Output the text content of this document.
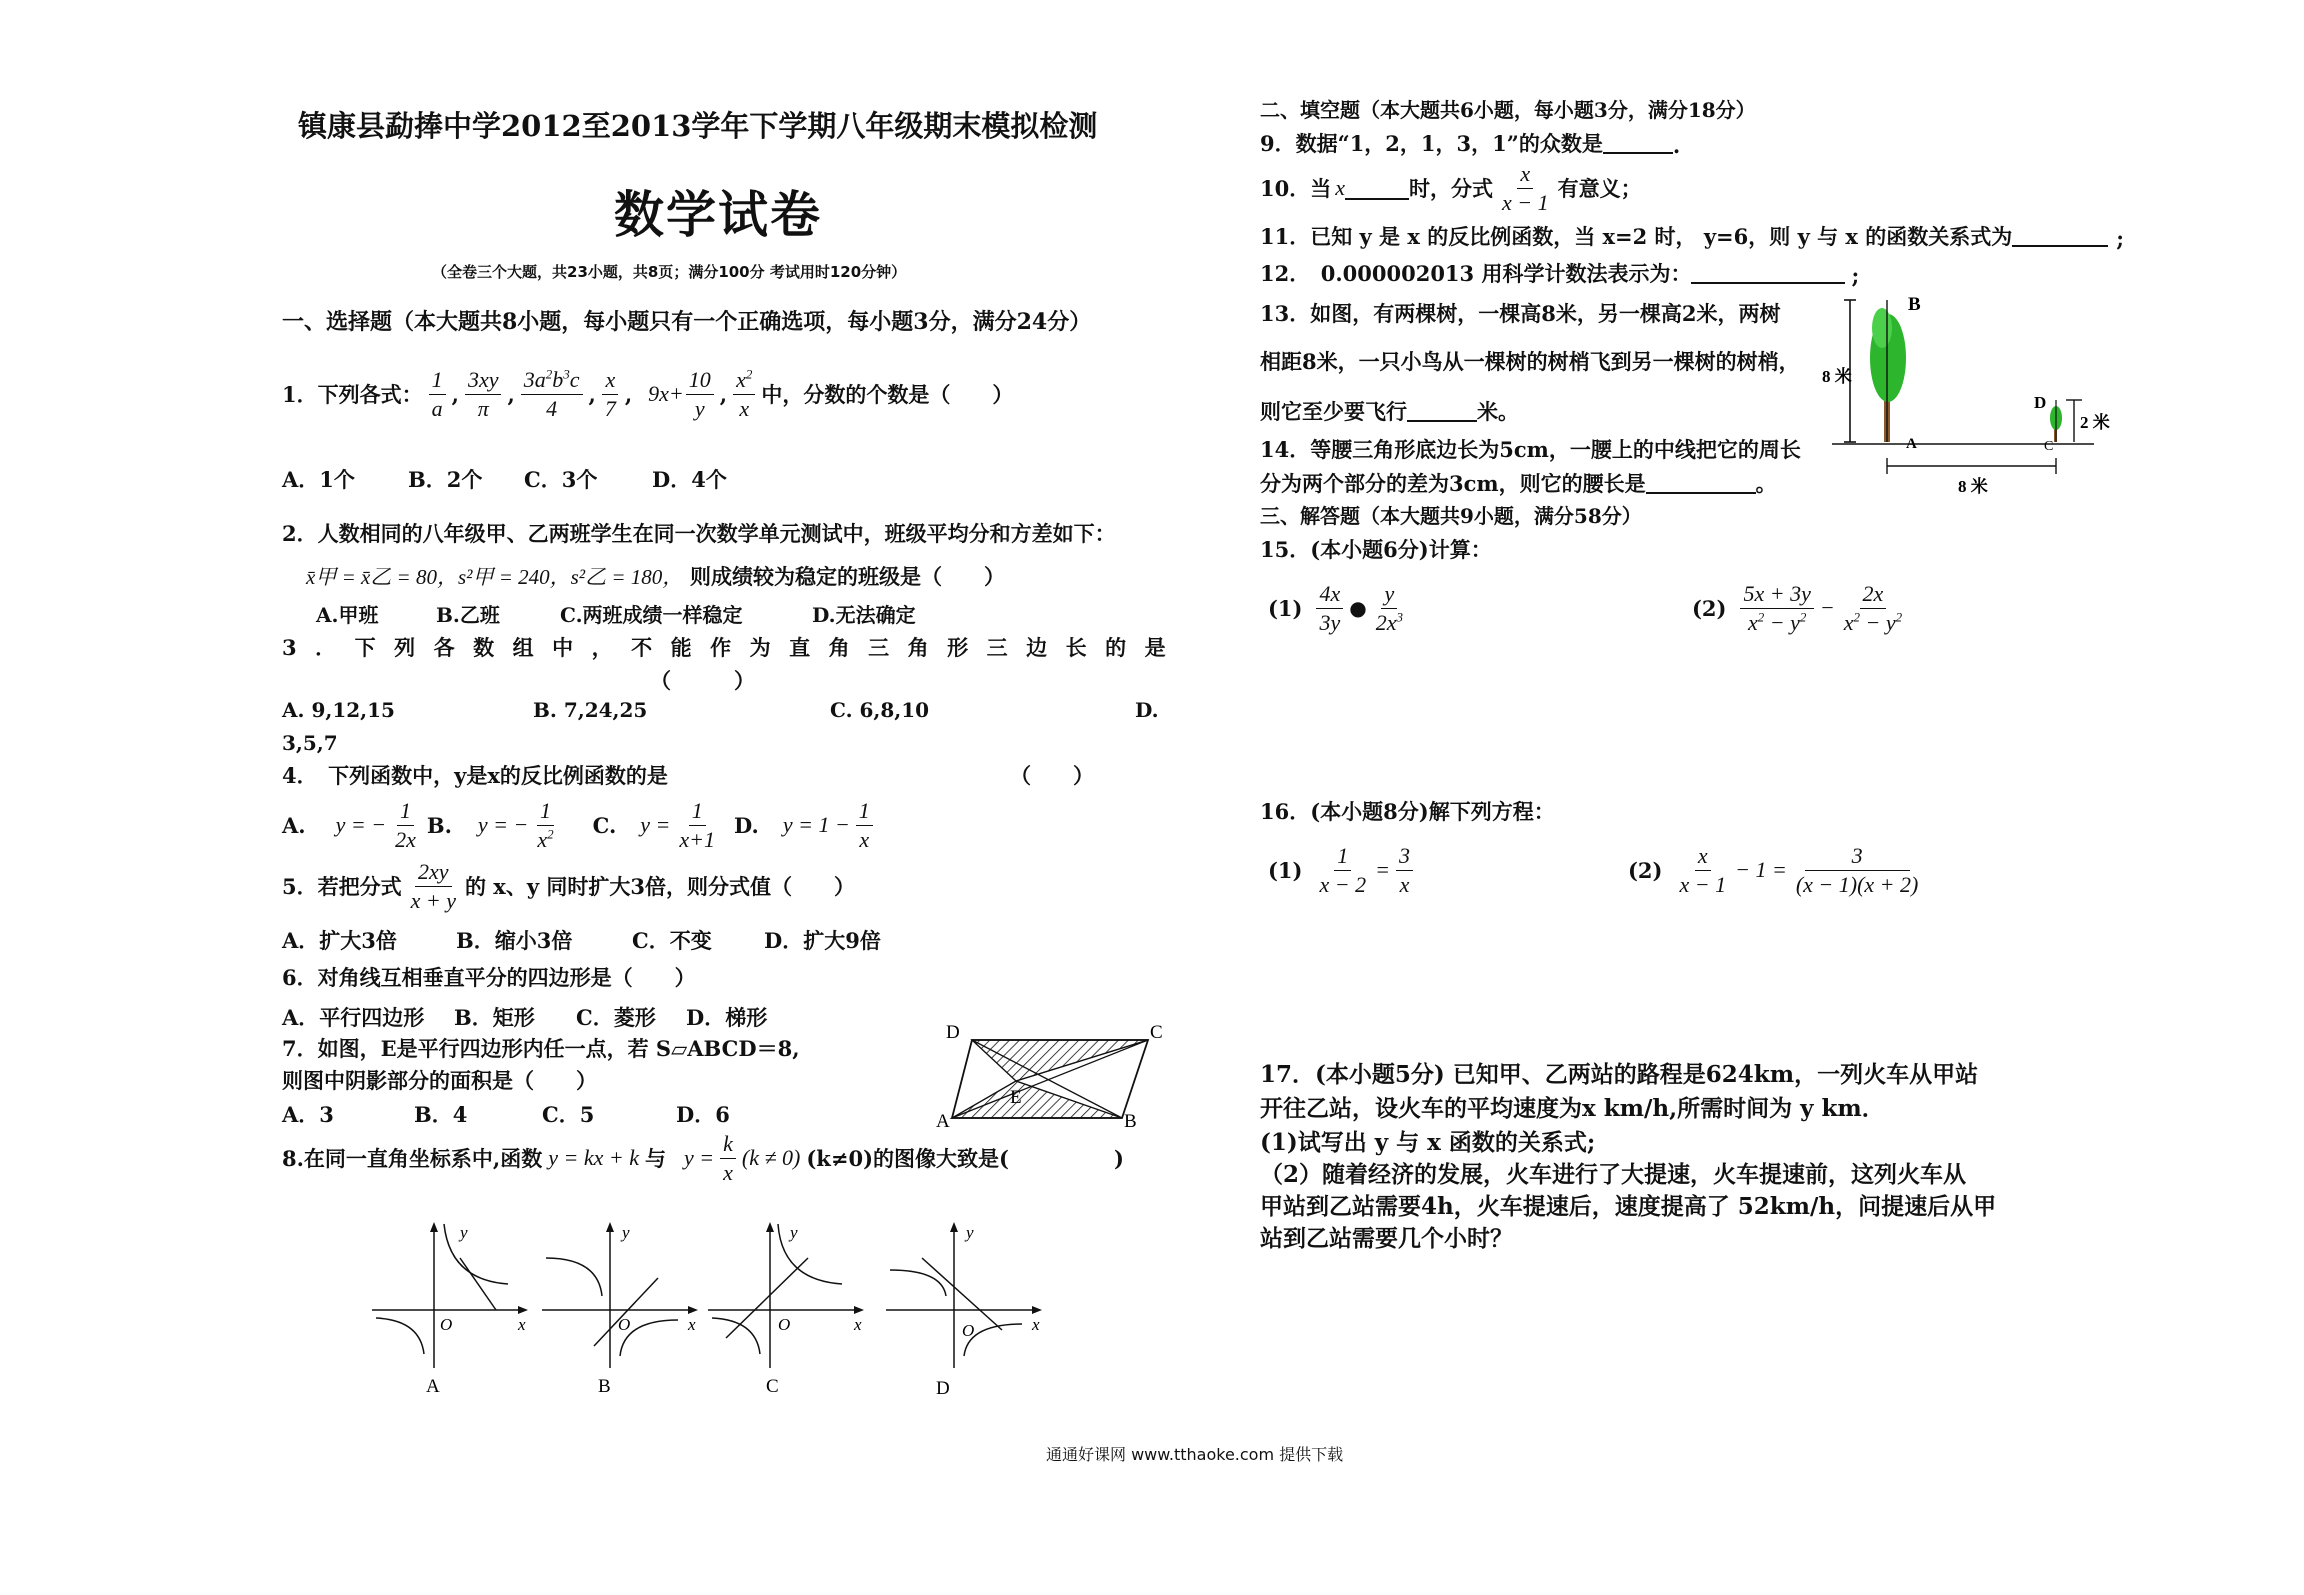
镇康县勐捧中学2012至2013学年下学期八年级期末模拟检测
数学试卷
（全卷三个大题，共23小题，共8页；满分100分 考试用时120分钟）
一、选择题（本大题共8小题，每小题只有一个正确选项，每小题3分，满分24分）
1．下列各式： $\frac{1}{a}$ , $\frac{3xy}{\pi}$ , $\frac{3a^2b^3c}{4}$ , $\frac{x}{7}$ , $9x+ \frac{10}{y}$ , $\frac{x^2}{x}$ 中，分数的个数是（　　）
A．1个	B．2个 C．3个	D．4个
2．人数相同的八年级甲、乙两班学生在同一次数学单元测试中，班级平均分和方差如下：
x̄甲 = x̄乙 = 80，s²甲 = 240，s²乙 = 180， 则成绩较为稳定的班级是（　　）
A.甲班	B.乙班	C.两班成绩一样稳定	D.无法确定
3．下列各数组中，不能作为直角三角形三边长的是
（　　　）
A. 9,12,15	B. 7,24,25	C. 6,8,10	D.
3,5,7
4．　下列函数中，y是x的反比例函数的是	（　　）
A. y = − $\frac{1}{2x} B$. y = − $\frac{1}{x^2} C$. $y = \frac{1}{x+1} D$. $y = 1 - \frac{1}{x}$
5．若把分式 $\frac{2xy}{x + y}$ 的 x、y 同时扩大3倍，则分式值（　　）
A．扩大3倍	B．缩小3倍	C．不变 D．扩大9倍
6．对角线互相垂直平分的四边形是（　　）
A．平行四边形 B．矩形 C．菱形 D．梯形
7．如图，E是平行四边形内任一点，若 S▱ABCD＝8,
则图中阴影部分的面积是（　　）
A．3	B．4	C．5	D．6
D	C
E
A	B
8.在同一直角坐标系中,函数 y = kx + k 与 $y = \frac{k}{x} (k \ne 0)$ (k≠0)的图像大致是(　　　　　)
y
x
O
A
y
x
O
B
y
x
O
C
y
x
O
D
二、填空题（本大题共6小题，每小题3分，满分18分）
9．数据“1，2，1，3，1”的众数是	.
10．当 x	时，分式 $\frac{x}{x - 1}$ 有意义；
11．已知 y 是 x 的反比例函数，当 x=2 时， y=6，则 y 与 x 的函数关系式为	;
12．　0.000002013 用科学计数法表示为：	;
13．如图，有两棵树，一棵高8米，另一棵高2米，两树
相距8米，一只小鸟从一棵树的树梢飞到另一棵树的树梢，
则它至少要飞行	米。
8 米
B
A
D
C
2 米
8 米
14．等腰三角形底边长为5cm，一腰上的中线把它的周长
分为两个部分的差为3cm，则它的腰长是	。
三、解答题（本大题共9小题，满分58分）
15．(本小题6分)计算：
$(1) \frac{4x}{3y}$ ● $\frac{y}{2x^3}$	$(2) \frac{5x + 3y}{x^2 - y^2} - \frac{2x}{x^2 - y^2}$
16．(本小题8分)解下列方程：
$(1) \frac{1}{x - 2} = \frac{3}{x}$	$(2) \frac{x}{x - 1} - 1 = \frac{3}{(x - 1)(x + 2)}$
17．(本小题5分) 已知甲、乙两站的路程是624km，一列火车从甲站
开往乙站，设火车的平均速度为x km/h,所需时间为 y km．
(1)试写出 y 与 x 函数的关系式;
（2）随着经济的发展，火车进行了大提速，火车提速前，这列火车从
甲站到乙站需要4h，火车提速后，速度提高了 52km/h，问提速后从甲
站到乙站需要几个小时？
通通好课网 www.tthaoke.com 提供下载
